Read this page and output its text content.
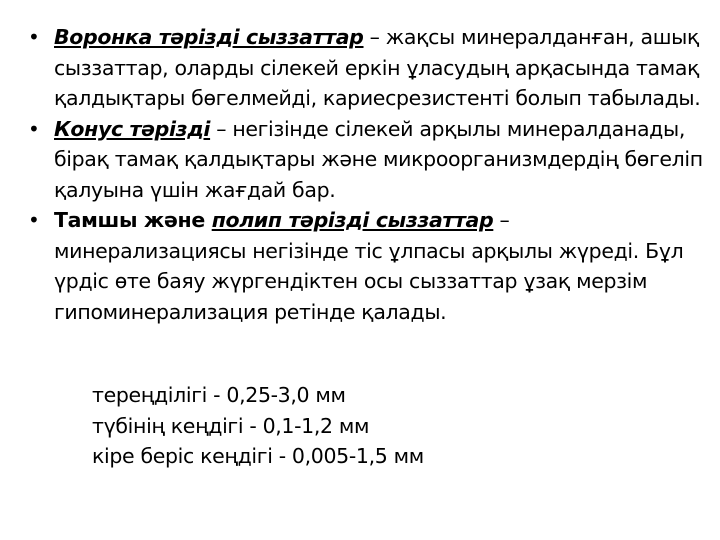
• Воронка тәрізді сыззаттар – жақсы минералданған, ашық сыззаттар, оларды сілекей еркін ұласудың арқасында тамақ қалдықтары бөгелмейді, кариесрезистенті болып табылады.
• Конус тәрізді – негізінде сілекей арқылы минералданады, бірақ тамақ қалдықтары және микроорганизмдердің бөгеліп қалуына үшін жағдай бар.
• Тамшы және полип тәрізді сыззаттар – минерализациясы негізінде тіс ұлпасы арқылы жүреді. Бұл үрдіс өте баяу жүргендіктен осы сыззаттар ұзақ мерзім гипоминерализация ретінде қалады.
тереңділігі - 0,25-3,0 мм
түбінің кеңдігі - 0,1-1,2 мм
кіре беріс кеңдігі - 0,005-1,5 мм
